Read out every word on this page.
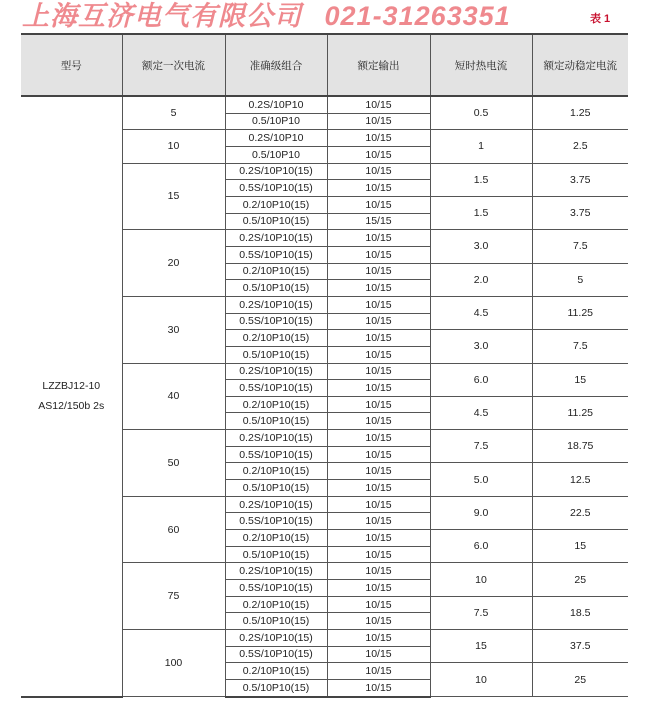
表 1
上海互济电气有限公司 021-31263351
型号	额定一次电流	准确级组合	额定输出	短时热电流	额定动稳定电流

LZZBJ12-10
AS12/150b 2s	5	0.2S/10P10	10/15	0.5	1.25
		0.5/10P10	10/15		
	10	0.2S/10P10	10/15	1	2.5
		0.5/10P10	10/15		
	15	0.2S/10P10(15)	10/15	1.5	3.75
		0.5S/10P10(15)	10/15		
		0.2/10P10(15)	10/15	1.5	3.75
		0.5/10P10(15)	15/15		
	20	0.2S/10P10(15)	10/15	3.0	7.5
		0.5S/10P10(15)	10/15		
		0.2/10P10(15)	10/15	2.0	5
		0.5/10P10(15)	10/15		
	30	0.2S/10P10(15)	10/15	4.5	11.25
		0.5S/10P10(15)	10/15		
		0.2/10P10(15)	10/15	3.0	7.5
		0.5/10P10(15)	10/15		
	40	0.2S/10P10(15)	10/15	6.0	15
		0.5S/10P10(15)	10/15		
		0.2/10P10(15)	10/15	4.5	11.25
		0.5/10P10(15)	10/15		
	50	0.2S/10P10(15)	10/15	7.5	18.75
		0.5S/10P10(15)	10/15		
		0.2/10P10(15)	10/15	5.0	12.5
		0.5/10P10(15)	10/15		
	60	0.2S/10P10(15)	10/15	9.0	22.5
		0.5S/10P10(15)	10/15		
		0.2/10P10(15)	10/15	6.0	15
		0.5/10P10(15)	10/15		
	75	0.2S/10P10(15)	10/15	10	25
		0.5S/10P10(15)	10/15		
		0.2/10P10(15)	10/15	7.5	18.5
		0.5/10P10(15)	10/15		
	100	0.2S/10P10(15)	10/15	15	37.5
		0.5S/10P10(15)	10/15		
		0.2/10P10(15)	10/15	10	25
		0.5/10P10(15)	10/15		
